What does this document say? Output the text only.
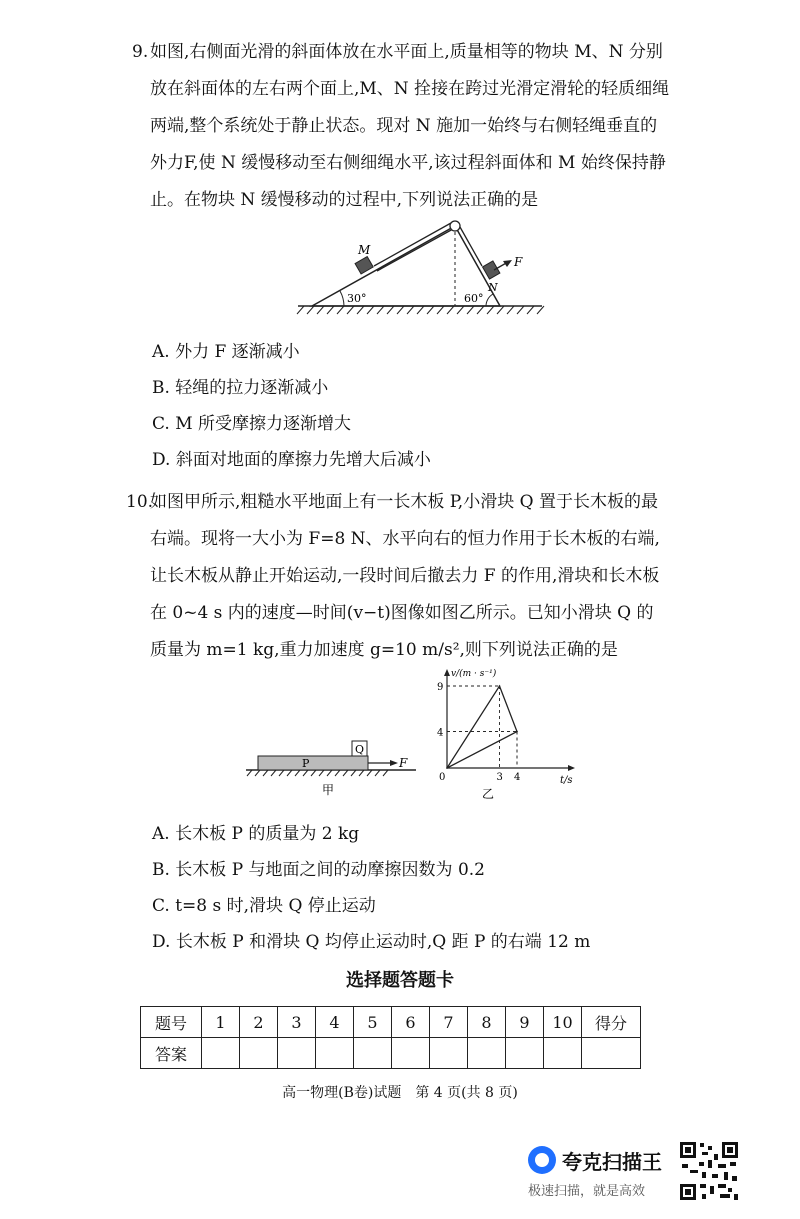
9. 如图,右侧面光滑的斜面体放在水平面上,质量相等的物块 M、N 分别放在斜面体的左右两个面上,M、N 拴接在跨过光滑定滑轮的轻质细绳两端,整个系统处于静止状态。现对 N 施加一始终与右侧轻绳垂直的外力F,使 N 缓慢移动至右侧细绳水平,该过程斜面体和 M 始终保持静止。在物块 N 缓慢移动的过程中,下列说法正确的是
M
N
F
30°	60°

A. 外力 F 逐渐减小

B. 轻绳的拉力逐渐减小

C. M 所受摩擦力逐渐增大

D. 斜面对地面的摩擦力先增大后减小

10.
如图甲所示,粗糙水平地面上有一长木板 P,小滑块 Q 置于长木板的最右端。现将一大小为 F=8 N、水平向右的恒力作用于长木板的右端,让长木板从静止开始运动,一段时间后撤去力 F 的作用,滑块和长木板在 0~4 s 内的速度—时间(v−t)图像如图乙所示。已知小滑块 Q 的质量为 m=1 kg,重力加速度 g=10 m/s²,则下列说法正确的是
P
Q
F
甲
3 4
4
9
v/(m · s⁻¹)
t/s
0
乙

A. 长木板 P 的质量为 2 kg

B. 长木板 P 与地面之间的动摩擦因数为 0.2

C. t=8 s 时,滑块 Q 停止运动

D. 长木板 P 和滑块 Q 均停止运动时,Q 距 P 的右端 12 m

选择题答题卡
题号	1	2	3	4	5	6	7	8	9	10	得分
答案											
高一物理(B卷)试题　第 4 页(共 8 页)
夸克扫描王
极速扫描，就是高效
